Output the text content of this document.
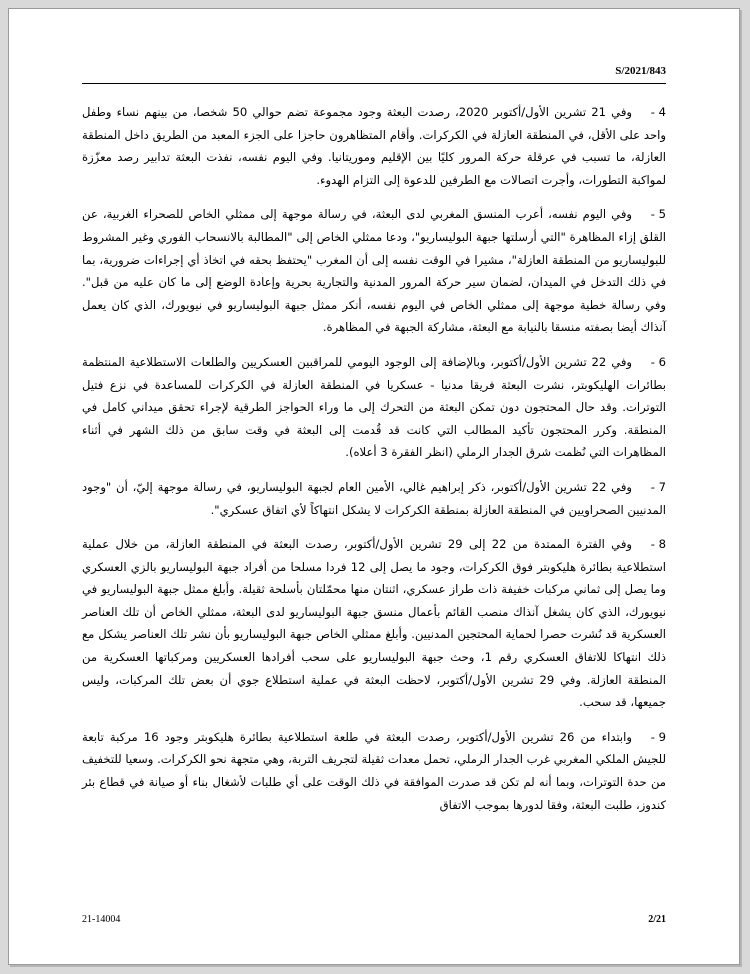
S/2021/843

4 -وفي 21 تشرين الأول/أكتوبر 2020، رصدت البعثة وجود مجموعة تضم حوالي 50 شخصا، من بينهم نساء وطفل واحد على الأقل، في المنطقة العازلة في الكركرات. وأقام المتظاهرون حاجزا على الجزء المعبد من الطريق داخل المنطقة العازلة، ما تسبب في عرقلة حركة المرور كليًا بين الإقليم وموريتانيا. وفي اليوم نفسه، نفذت البعثة تدابير رصد معزّزة لمواكبة التطورات، وأجرت اتصالات مع الطرفين للدعوة إلى التزام الهدوء.

5 -وفي اليوم نفسه، أعرب المنسق المغربي لدى البعثة، في رسالة موجهة إلى ممثلي الخاص للصحراء الغربية، عن القلق إزاء المظاهرة "التي أرسلتها جبهة البوليساريو"، ودعا ممثلي الخاص إلى "المطالبة بالانسحاب الفوري وغير المشروط للبوليساريو من المنطقة العازلة"، مشيرا في الوقت نفسه إلى أن المغرب "يحتفظ بحقه في اتخاذ أي إجراءات ضرورية، بما في ذلك التدخل في الميدان، لضمان سير حركة المرور المدنية والتجارية بحرية وإعادة الوضع إلى ما كان عليه من قبل". وفي رسالة خطية موجهة إلى ممثلي الخاص في اليوم نفسه، أنكر ممثل جبهة البوليساريو في نيويورك، الذي كان يعمل آنذاك أيضا بصفته منسقا بالنيابة مع البعثة، مشاركة الجبهة في المظاهرة.

6 -وفي 22 تشرين الأول/أكتوبر، وبالإضافة إلى الوجود اليومي للمراقبين العسكريين والطلعات الاستطلاعية المنتظمة بطائرات الهليكوبتر، نشرت البعثة فريقا مدنيا - عسكريا في المنطقة العازلة في الكركرات للمساعدة في نزع فتيل التوترات. وقد حال المحتجون دون تمكن البعثة من التحرك إلى ما وراء الحواجز الطرقية لإجراء تحقق ميداني كامل في المنطقة. وكرر المحتجون تأكيد المطالب التي كانت قد قُدمت إلى البعثة في وقت سابق من ذلك الشهر في أثناء المظاهرات التي نُظمت شرق الجدار الرملي (انظر الفقرة 3 أعلاه).

7 -وفي 22 تشرين الأول/أكتوبر، ذكر إبراهيم غالي، الأمين العام لجبهة البوليساريو، في رسالة موجهة إليّ، أن "وجود المدنيين الصحراويين في المنطقة العازلة بمنطقة الكركرات لا يشكل انتهاكاً لأي اتفاق عسكري".

8 -وفي الفترة الممتدة من 22 إلى 29 تشرين الأول/أكتوبر، رصدت البعثة في المنطقة العازلة، من خلال عملية استطلاعية بطائرة هليكوبتر فوق الكركرات، وجود ما يصل إلى 12 فردا مسلحا من أفراد جبهة البوليساريو بالزي العسكري وما يصل إلى ثماني مركبات خفيفة ذات طراز عسكري، اثنتان منها محمّلتان بأسلحة ثقيلة. وأبلغ ممثل جبهة البوليساريو في نيويورك، الذي كان يشغل آنذاك منصب القائم بأعمال منسق جبهة البوليساريو لدى البعثة، ممثلي الخاص أن تلك العناصر العسكرية قد نُشرت حصرا لحماية المحتجين المدنيين. وأبلغ ممثلي الخاص جبهة البوليساريو بأن نشر تلك العناصر يشكل مع ذلك انتهاكا للاتفاق العسكري رقم 1، وحث جبهة البوليساريو على سحب أفرادها العسكريين ومركباتها العسكرية من المنطقة العازلة. وفي 29 تشرين الأول/أكتوبر، لاحظت البعثة في عملية استطلاع جوي أن بعض تلك المركبات، وليس جميعها، قد سحب.

9 -وابتداء من 26 تشرين الأول/أكتوبر، رصدت البعثة في طلعة استطلاعية بطائرة هليكوبتر وجود 16 مركبة تابعة للجيش الملكي المغربي غرب الجدار الرملي، تحمل معدات ثقيلة لتجريف التربة، وهي متجهة نحو الكركرات. وسعيا للتخفيف من حدة التوترات، وبما أنه لم تكن قد صدرت الموافقة في ذلك الوقت على أي طلبات لأشغال بناء أو صيانة في قطاع بئر كندوز، طلبت البعثة، وفقا لدورها بموجب الاتفاق

21-14004	2/21
